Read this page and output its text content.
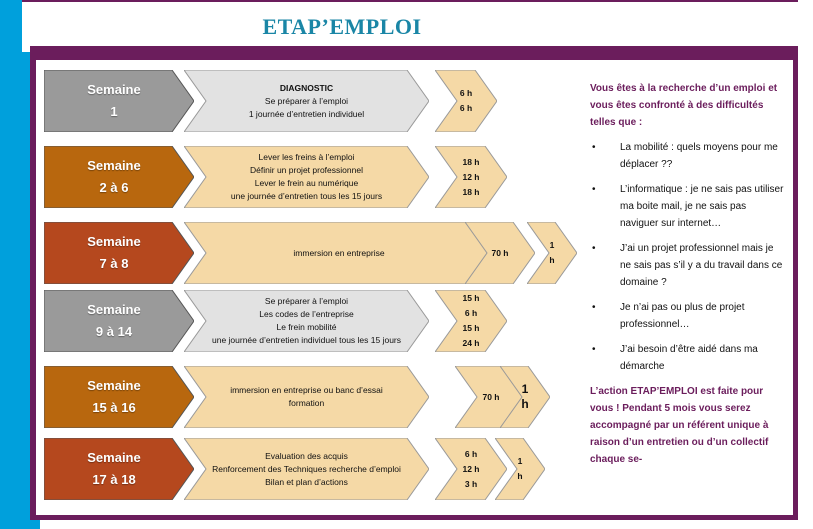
ETAP’EMPLOI
Semaine
1
DIAGNOSTIC
Se préparer à l’emploi
1 journée d’entretien individuel
6 h
6 h
Semaine
2 à 6
Lever les freins à l’emploi
Définir un projet professionnel
Lever le frein au numérique
une journée d’entretien tous les 15 jours
18 h
12 h
18 h
Semaine
7 à 8
immersion en entreprise	70 h
1
h
Semaine
9 à 14
Se préparer à l’emploi
Les codes de l’entreprise
Le frein mobilité
une journée d’entretien individuel tous les 15 jours
15 h
6 h
15 h
24 h
Semaine
15 à 16
immersion en entreprise ou banc d’essai
formation
70 h
1
h
Semaine
17 à 18
Evaluation des acquis
Renforcement des Techniques recherche d’emploi
Bilan et plan d’actions
6 h
12 h
3 h
1
h

Vous êtes à la recherche d’un emploi et vous êtes confronté à des difficultés telles que :

• La mobilité : quels moyens pour me déplacer ??
• L’informatique : je ne sais pas utiliser ma boite mail, je ne sais pas naviguer sur internet…
• J’ai un projet professionnel mais je ne sais pas s’il y a du travail dans ce domaine ?
• Je n’ai pas ou plus de projet professionnel…
• J’ai besoin d’être aidé dans ma démarche

L’action ETAP’EMPLOI est faite pour vous ! Pendant 5 mois vous serez accompagné par un référent unique à raison d’un entretien ou d’un collectif chaque se-
